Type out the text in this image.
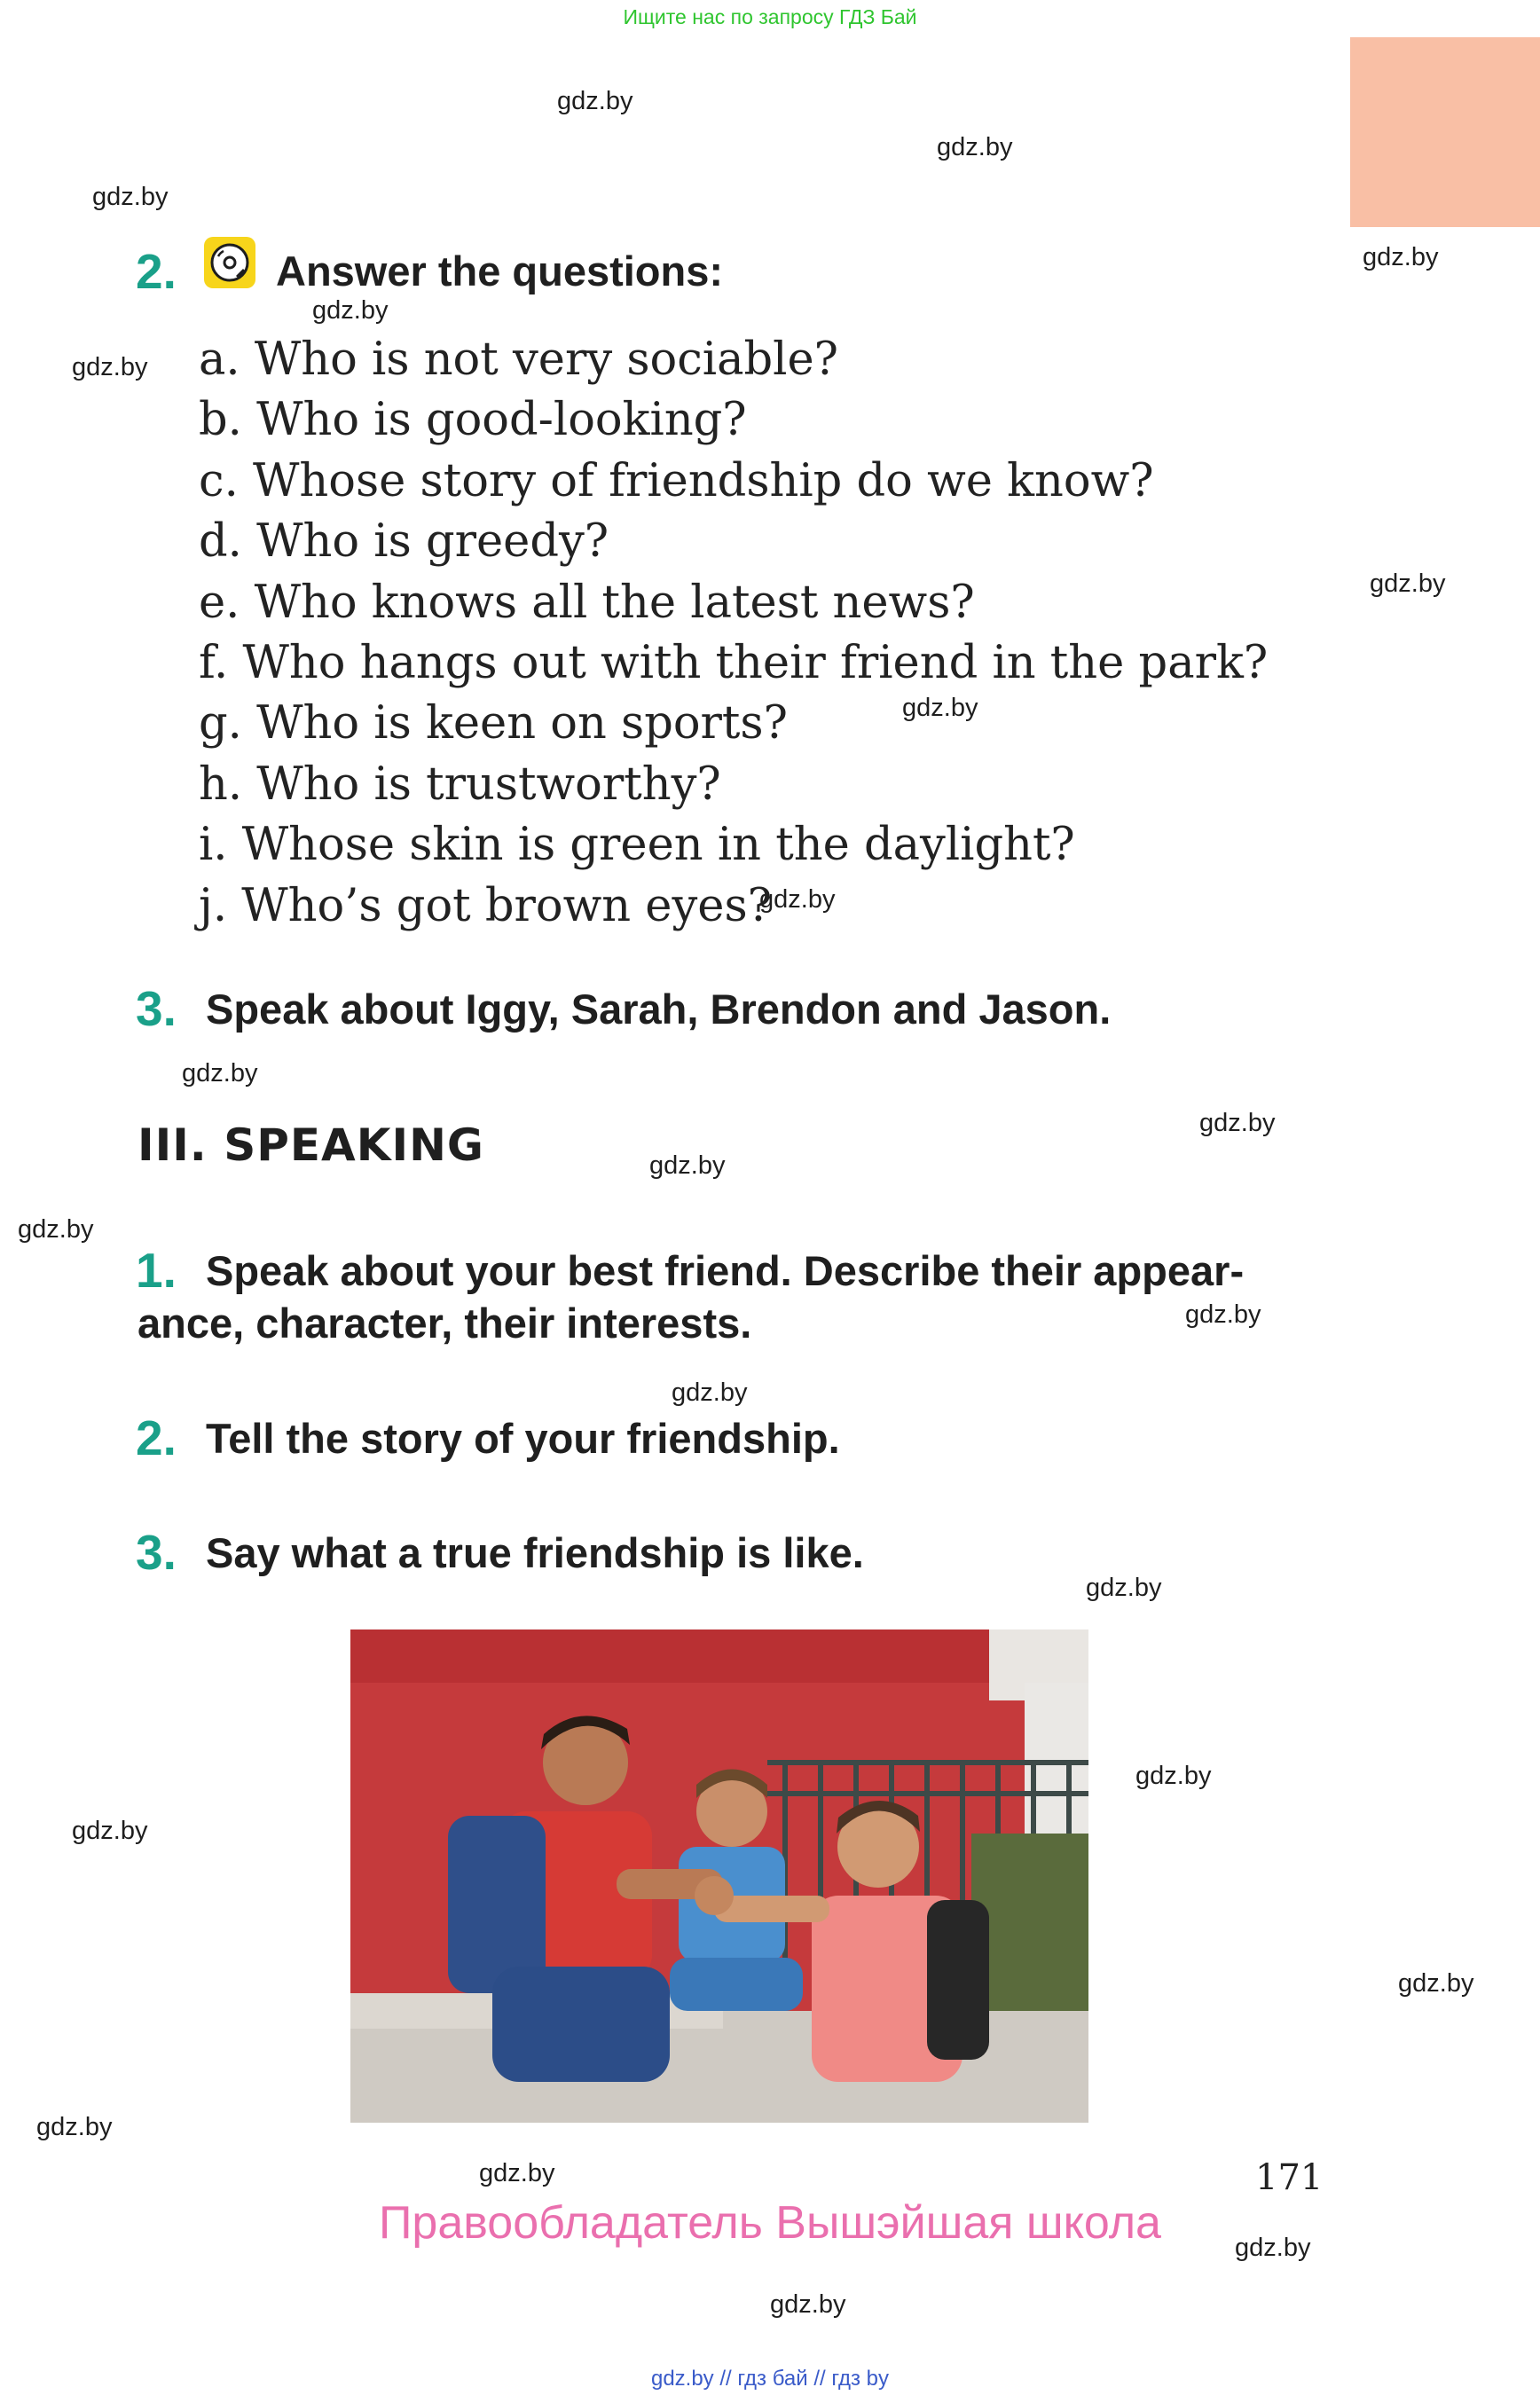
Ищите нас по запросу ГДЗ Бай
gdz.by
gdz.by
gdz.by
gdz.by
gdz.by
gdz.by
gdz.by
gdz.by
gdz.by
gdz.by
gdz.by
gdz.by
gdz.by
gdz.by
gdz.by
gdz.by
gdz.by
gdz.by
gdz.by
gdz.by
gdz.by
gdz.by
gdz.by
2. Answer the questions:
a. Who is not very sociable?
b. Who is good-looking?
c. Whose story of friendship do we know?
d. Who is greedy?
e. Who knows all the latest news?
f. Who hangs out with their friend in the park?
g. Who is keen on sports?
h. Who is trustworthy?
i. Whose skin is green in the daylight?
j. Who’s got brown eyes?
3. Speak about Iggy, Sarah, Brendon and Jason.
III. SPEAKING
1. Speak about your best friend. Describe their appear-
ance, character, their interests.
2. Tell the story of your friendship.
3. Say what a true friendship is like.
171
Правообладатель Вышэйшая школа
gdz.by // гдз бай // гдз by
